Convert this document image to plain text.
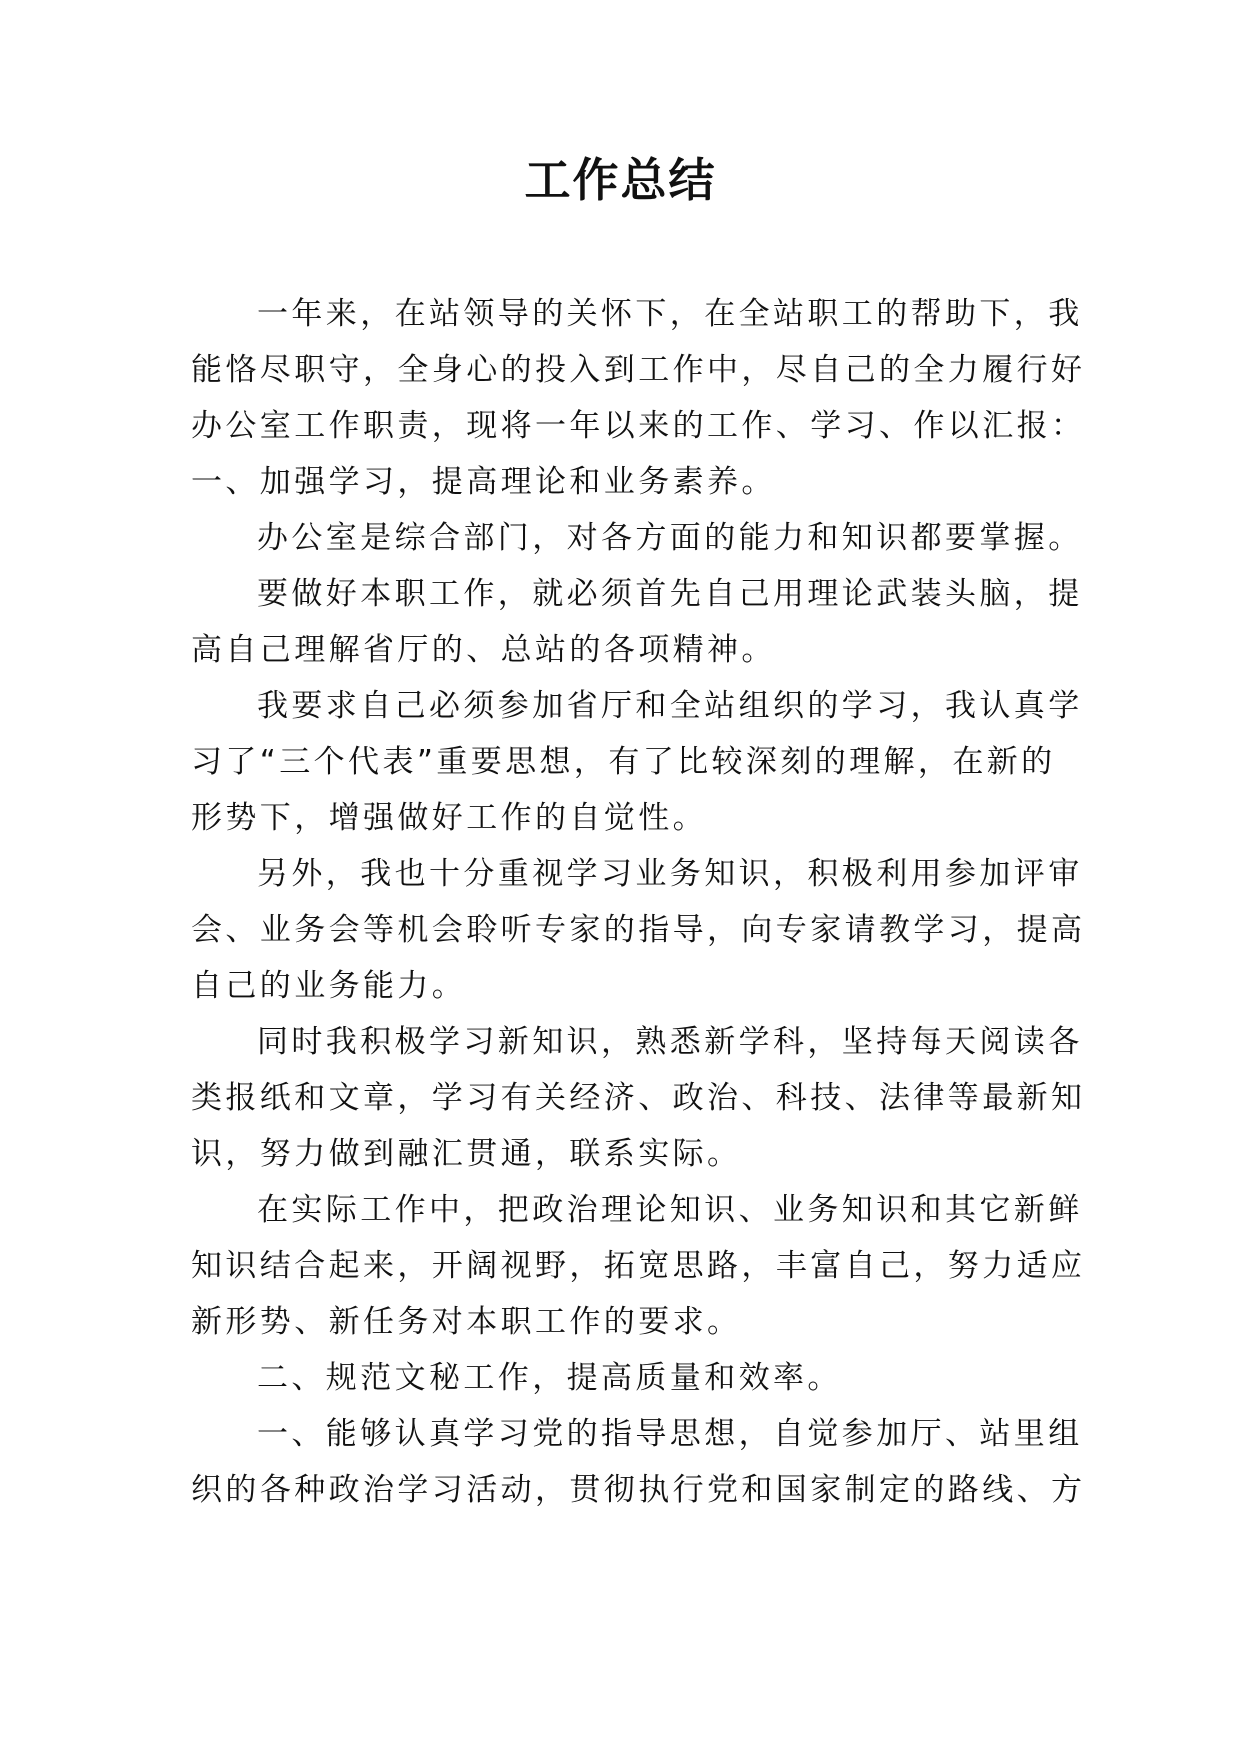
工作总结
一年来，在站领导的关怀下，在全站职工的帮助下，我
能恪尽职守，全身心的投入到工作中，尽自己的全力履行好
办公室工作职责，现将一年以来的工作、学习、作以汇报：
一、加强学习，提高理论和业务素养。
办公室是综合部门，对各方面的能力和知识都要掌握。
要做好本职工作，就必须首先自己用理论武装头脑，提
高自己理解省厅的、总站的各项精神。
我要求自己必须参加省厅和全站组织的学习，我认真学
习了“三个代表”重要思想，有了比较深刻的理解，在新的
形势下，增强做好工作的自觉性。
另外，我也十分重视学习业务知识，积极利用参加评审
会、业务会等机会聆听专家的指导，向专家请教学习，提高
自己的业务能力。
同时我积极学习新知识，熟悉新学科，坚持每天阅读各
类报纸和文章，学习有关经济、政治、科技、法律等最新知
识，努力做到融汇贯通，联系实际。
在实际工作中，把政治理论知识、业务知识和其它新鲜
知识结合起来，开阔视野，拓宽思路，丰富自己，努力适应
新形势、新任务对本职工作的要求。
二、规范文秘工作，提高质量和效率。
一、能够认真学习党的指导思想，自觉参加厅、站里组
织的各种政治学习活动，贯彻执行党和国家制定的路线、方
